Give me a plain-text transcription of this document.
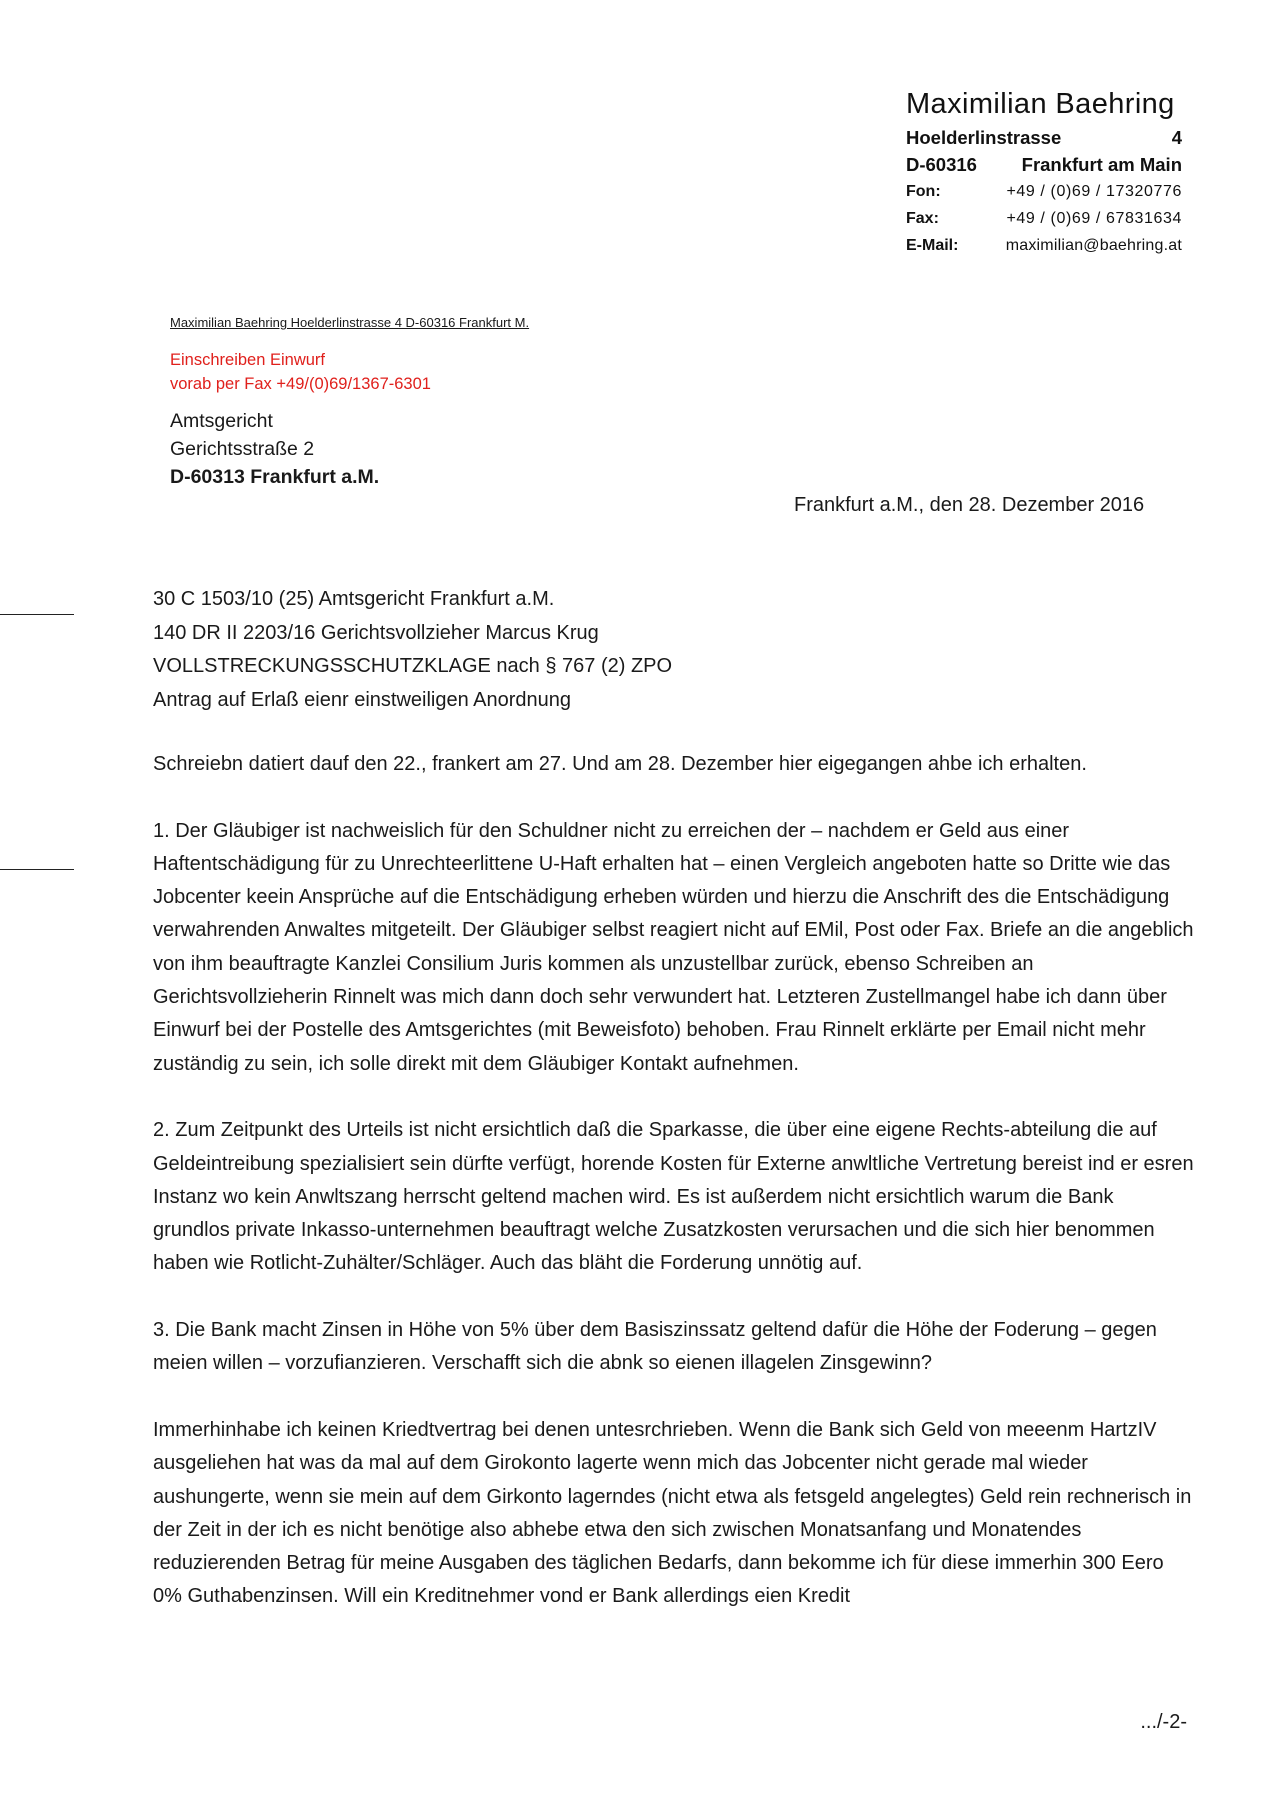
Maximilian Baehring
Hoelderlinstrasse	4
D-60316 Frankfurt am Main
Fon:	+49 / (0)69 / 17320776
Fax:	+49 / (0)69 / 67831634
E-Mail:	maximilian@baehring.at
Maximilian Baehring Hoelderlinstrasse 4 D-60316 Frankfurt M.
Einschreiben Einwurf
vorab per Fax +49/(0)69/1367-6301
Amtsgericht
Gerichtsstraße 2
D-60313 Frankfurt a.M.
Frankfurt a.M., den 28. Dezember 2016
30 C 1503/10 (25) Amtsgericht Frankfurt a.M.
140 DR II 2203/16 Gerichtsvollzieher Marcus Krug
VOLLSTRECKUNGSSCHUTZKLAGE nach § 767 (2) ZPO
Antrag auf Erlaß eienr einstweiligen Anordnung

Schreiebn datiert dauf den 22., frankert am 27. Und am 28. Dezember hier eigegangen ahbe ich erhalten.

1. Der Gläubiger ist nachweislich für den Schuldner nicht zu erreichen der – nachdem er Geld aus einer Haftentschädigung für zu Unrechteerlittene U-Haft erhalten hat – einen Vergleich angeboten hatte so Dritte wie das Jobcenter keein Ansprüche auf die Entschädigung erheben würden und hierzu die Anschrift des die Entschädigung verwahrenden Anwaltes mitgeteilt. Der Gläubiger selbst reagiert nicht auf EMil, Post oder Fax. Briefe an die angeblich von ihm beauftragte Kanzlei Consilium Juris kommen als unzustellbar zurück, ebenso Schreiben an Gerichtsvollzieherin Rinnelt was mich dann doch sehr verwundert hat. Letzteren Zustellmangel habe ich dann über Einwurf bei der Postelle des Amtsgerichtes (mit Beweisfoto) behoben. Frau Rinnelt erklärte per Email nicht mehr zuständig zu sein, ich solle direkt mit dem Gläubiger Kontakt aufnehmen.

2. Zum Zeitpunkt des Urteils ist nicht ersichtlich daß die Sparkasse, die über eine eigene Rechts-abteilung die auf Geldeintreibung spezialisiert sein dürfte verfügt, horende Kosten für Externe anwltliche Vertretung bereist ind er esren Instanz wo kein Anwltszang herrscht geltend machen wird. Es ist außerdem nicht ersichtlich warum die Bank grundlos private Inkasso-unternehmen beauftragt welche Zusatzkosten verursachen und die sich hier benommen haben wie Rotlicht-Zuhälter/Schläger. Auch das bläht die Forderung unnötig auf.

3. Die Bank macht Zinsen in Höhe von 5% über dem Basiszinssatz geltend dafür die Höhe der Foderung – gegen meien willen – vorzufianzieren. Verschafft sich die abnk so eienen illagelen Zinsgewinn?

Immerhinhabe ich keinen Kriedtvertrag bei denen untesrchrieben. Wenn die Bank sich Geld von meeenm HartzIV ausgeliehen hat was da mal auf dem Girokonto lagerte wenn mich das Jobcenter nicht gerade mal wieder aushungerte, wenn sie mein auf dem Girkonto lagerndes (nicht etwa als fetsgeld angelegtes) Geld rein rechnerisch in der Zeit in der ich es nicht benötige also abhebe etwa den sich zwischen Monatsanfang und Monatendes reduzierenden Betrag für meine Ausgaben des täglichen Bedarfs, dann bekomme ich für diese immerhin 300 Eero 0% Guthabenzinsen. Will ein Kreditnehmer vond er Bank allerdings eien Kredit

.../-2-
